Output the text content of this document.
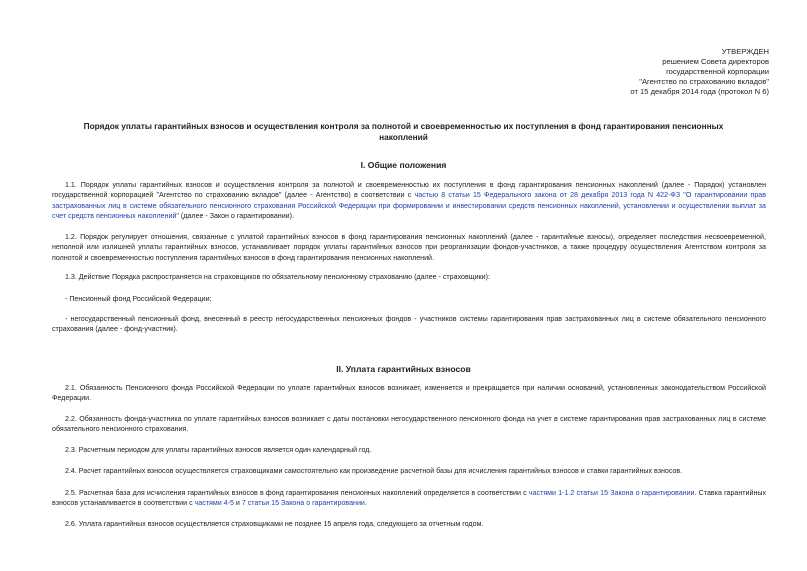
УТВЕРЖДЕН
решением Совета директоров
государственной корпорации
"Агентство по страхованию вкладов"
от 15 декабря 2014 года (протокол N 6)
Порядок уплаты гарантийных взносов и осуществления контроля за полнотой и своевременностью их поступления в фонд гарантирования пенсионных накоплений
I. Общие положения
1.1. Порядок уплаты гарантийных взносов и осуществления контроля за полнотой и своевременностью их поступления в фонд гарантирования пенсионных накоплений (далее - Порядок) установлен государственной корпорацией "Агентство по страхованию вкладов" (далее - Агентство) в соответствии с частью 8 статьи 15 Федерального закона от 28 декабря 2013 года N 422-ФЗ "О гарантировании прав застрахованных лиц в системе обязательного пенсионного страхования Российской Федерации при формировании и инвестировании средств пенсионных накоплений, установлении и осуществлении выплат за счет средств пенсионных накоплений" (далее - Закон о гарантировании).
1.2. Порядок регулирует отношения, связанные с уплатой гарантийных взносов в фонд гарантирования пенсионных накоплений (далее - гарантийные взносы), определяет последствия несвоевременной, неполной или излишней уплаты гарантийных взносов, устанавливает порядок уплаты гарантийных взносов при реорганизации фондов-участников, а также процедуру осуществления Агентством контроля за полнотой и своевременностью поступления гарантийных взносов в фонд гарантирования пенсионных накоплений.
1.3. Действие Порядка распространяется на страховщиков по обязательному пенсионному страхованию (далее - страховщики):
- Пенсионный фонд Российской Федерации;
- негосударственный пенсионный фонд, внесенный в реестр негосударственных пенсионных фондов - участников системы гарантирования прав застрахованных лиц в системе обязательного пенсионного страхования (далее - фонд-участник).
II. Уплата гарантийных взносов
2.1. Обязанность Пенсионного фонда Российской Федерации по уплате гарантийных взносов возникает, изменяется и прекращается при наличии оснований, установленных законодательством Российской Федерации.
2.2. Обязанность фонда-участника по уплате гарантийных взносов возникает с даты постановки негосударственного пенсионного фонда на учет в системе гарантирования прав застрахованных лиц в системе обязательного пенсионного страхования.
2.3. Расчетным периодом для уплаты гарантийных взносов является один календарный год.
2.4. Расчет гарантийных взносов осуществляется страховщиками самостоятельно как произведение расчетной базы для исчисления гарантийных взносов и ставки гарантийных взносов.
2.5. Расчетная база для исчисления гарантийных взносов в фонд гарантирования пенсионных накоплений определяется в соответствии с частями 1-1.2 статьи 15 Закона о гарантировании. Ставка гарантийных взносов устанавливается в соответствии с частями 4-5 и 7 статьи 15 Закона о гарантировании.
2.6. Уплата гарантийных взносов осуществляется страховщиками не позднее 15 апреля года, следующего за отчетным годом.
